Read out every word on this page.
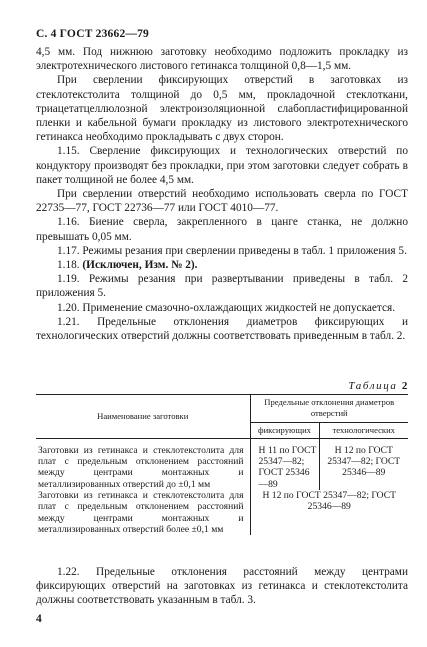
С. 4 ГОСТ 23662—79

4,5 мм. Под нижнюю заготовку необходимо подложить прокладку из электротехнического листового гетинакса толщиной 0,8—1,5 мм.

При сверлении фиксирующих отверстий в заготовках из стеклотекстолита толщиной до 0,5 мм, прокладочной стеклоткани, триацетатцеллюлозной электроизоляционной слабопластифицированной пленки и кабельной бумаги прокладку из листового электротехнического гетинакса необходимо прокладывать с двух сторон.

1.15. Сверление фиксирующих и технологических отверстий по кондуктору производят без прокладки, при этом заготовки следует собрать в пакет толщиной не более 4,5 мм.

При сверлении отверстий необходимо использовать сверла по ГОСТ 22735—77, ГОСТ 22736—77 или ГОСТ 4010—77.

1.16. Биение сверла, закрепленного в цанге станка, не должно превышать 0,05 мм.

1.17. Режимы резания при сверлении приведены в табл. 1 приложения 5.

1.18. (Исключен, Изм. № 2).

1.19. Режимы резания при развертывании приведены в табл. 2 приложения 5.

1.20. Применение смазочно-охлаждающих жидкостей не допускается.

1.21. Предельные отклонения диаметров фиксирующих и технологических отверстий должны соответствовать приведенным в табл. 2.

Таблица 2
Наименование заготовки	Предельные отклонения диаметров отверстий	
	фиксирующих	технологических
Заготовки из гетинакса и стеклотекстолита для плат с предельным отклонением расстояний между центрами монтажных и металлизированных отверстий до ±0,1 мм	Н 11 по ГОСТ 25347—82; ГОСТ 25346—89	Н 12 по ГОСТ 25347—82; ГОСТ 25346—89
Заготовки из гетинакса и стеклотекстолита для плат с предельным отклонением расстояний между центрами монтажных и металлизированных отверстий более ±0,1 мм	Н 12 по ГОСТ 25347—82; ГОСТ 25346—89	

1.22. Предельные отклонения расстояний между центрами фиксирующих отверстий на заготовках из гетинакса и стеклотекстолита должны соответствовать указанным в табл. 3.

4
